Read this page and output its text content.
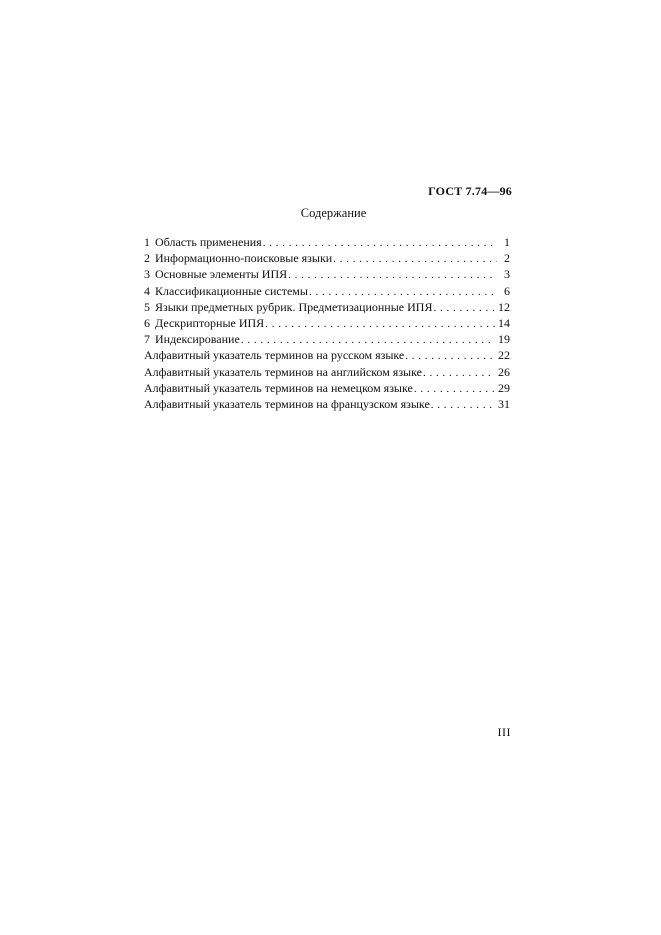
ГОСТ 7.74—96
Содержание
1 Область применения . . .	1
2 Информационно-поисковые языки . . .	2
3 Основные элементы ИПЯ . . .	3
4 Классификационные системы . . .	6
5 Языки предметных рубрик. Предметизационные ИПЯ . . .	12
6 Дескрипторные ИПЯ . . .	14
7 Индексирование . . .	19
Алфавитный указатель терминов на русском языке . . .	22
Алфавитный указатель терминов на английском языке . . .	26
Алфавитный указатель терминов на немецком языке . . .	29
Алфавитный указатель терминов на французском языке . . .	31
III
